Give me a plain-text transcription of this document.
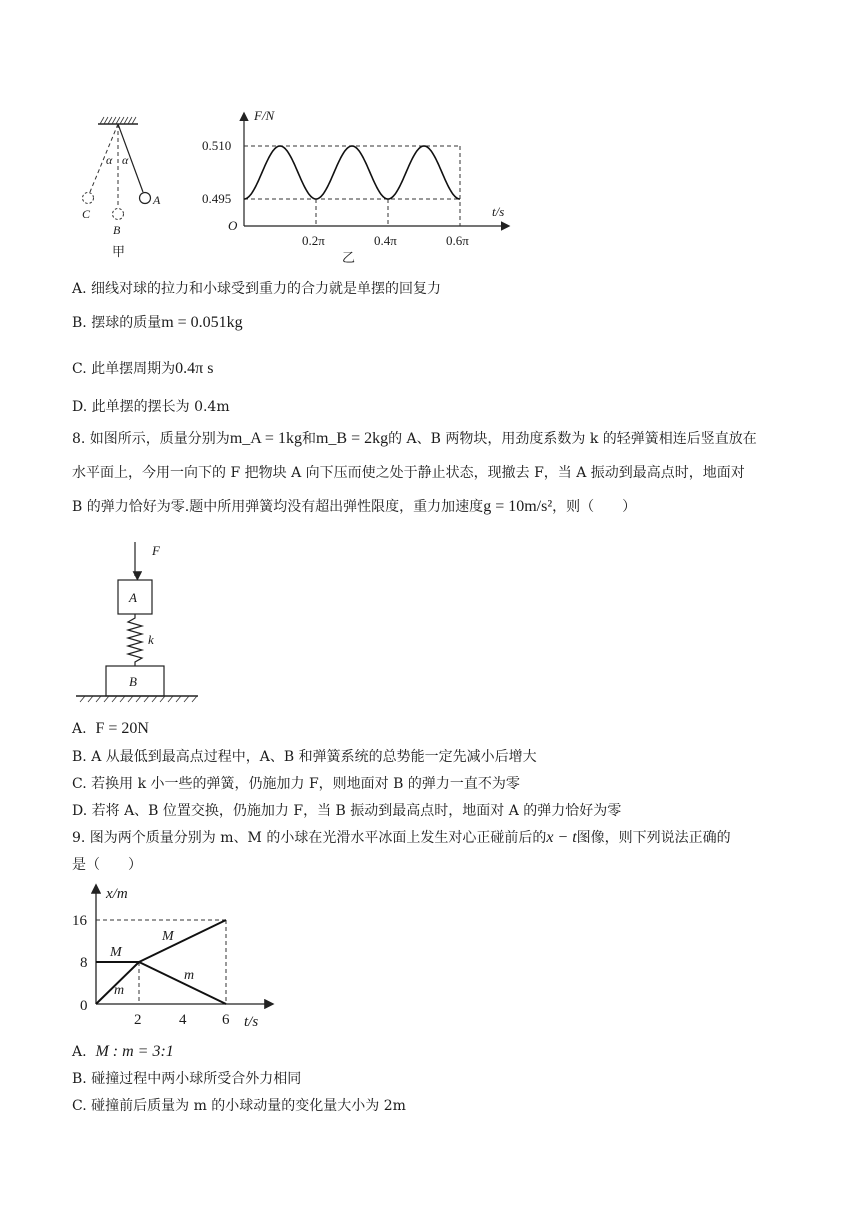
α α
A
B
C
甲
F/N
t/s
O
0.510
0.495
0.2π	0.4π	0.6π
乙
A. 细线对球的拉力和小球受到重力的合力就是单摆的回复力
B. 摆球的质量m = 0.051kg
C. 此单摆周期为0.4π s
D. 此单摆的摆长为 0.4m
8. 如图所示，质量分别为m_A = 1kg和m_B = 2kg的 A、B 两物块，用劲度系数为 k 的轻弹簧相连后竖直放在
水平面上，今用一向下的 F 把物块 A 向下压而使之处于静止状态，现撤去 F，当 A 振动到最高点时，地面对
B 的弹力恰好为零.题中所用弹簧均没有超出弹性限度，重力加速度g = 10m/s²，则（　　）
F
A
k
B
A. F = 20N
B. A 从最低到最高点过程中，A、B 和弹簧系统的总势能一定先减小后增大
C. 若换用 k 小一些的弹簧，仍施加力 F，则地面对 B 的弹力一直不为零
D. 若将 A、B 位置交换，仍施加力 F，当 B 振动到最高点时，地面对 A 的弹力恰好为零
9. 图为两个质量分别为 m、M 的小球在光滑水平冰面上发生对心正碰前后的x − t图像，则下列说法正确的
是（　　）
x/m
t/s
16
8
0
2	4 6
M
M
m
m
A. M : m = 3:1
B. 碰撞过程中两小球所受合外力相同
C. 碰撞前后质量为 m 的小球动量的变化量大小为 2m
